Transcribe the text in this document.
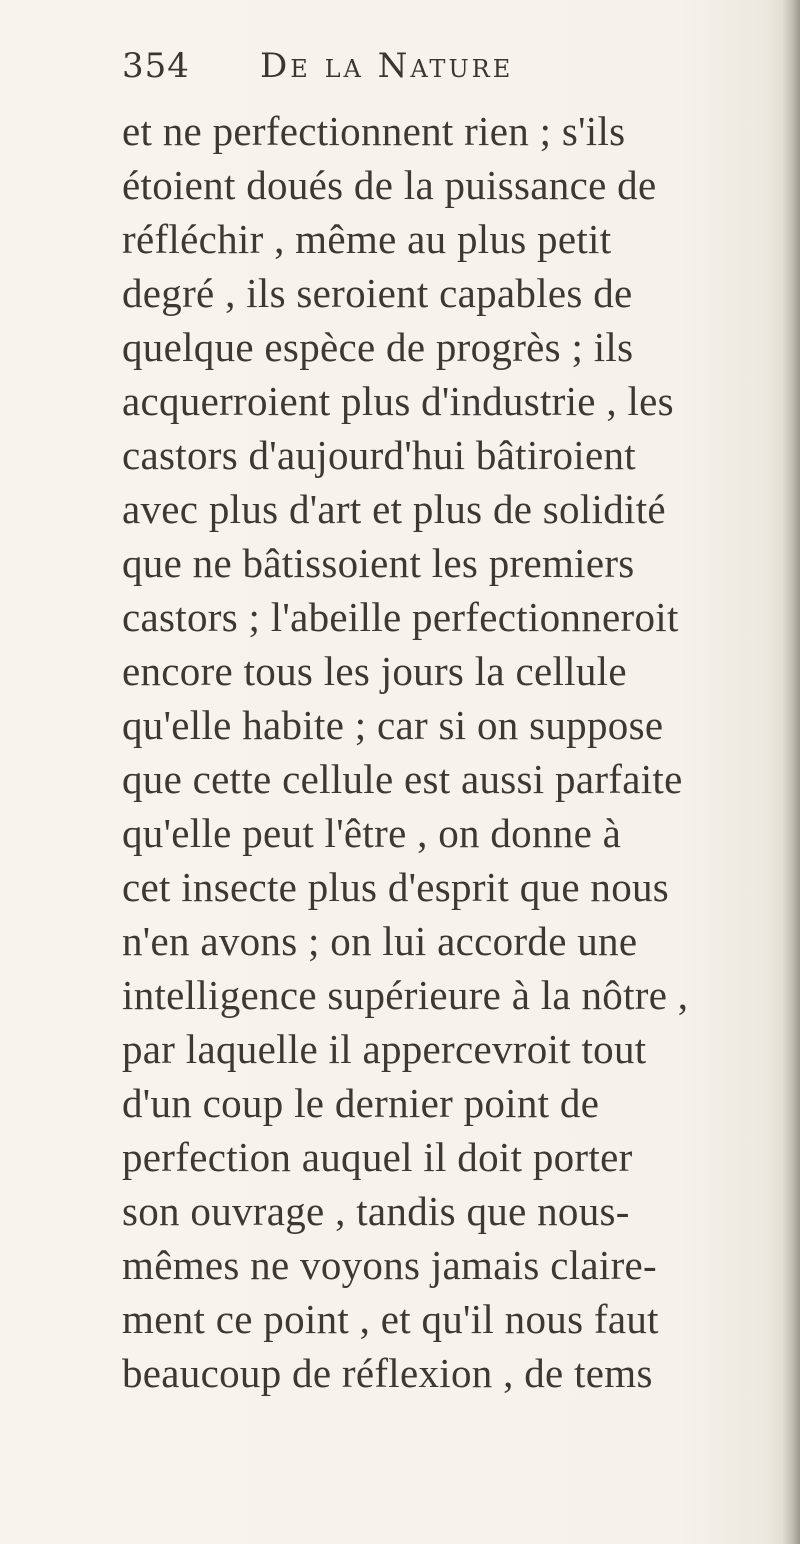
354 De la Nature
et ne perfectionnent rien ; s'ils
étoient doués de la puissance de
réfléchir , même au plus petit
degré , ils seroient capables de
quelque espèce de progrès ; ils
acquerroient plus d'industrie , les
castors d'aujourd'hui bâtiroient
avec plus d'art et plus de solidité
que ne bâtissoient les premiers
castors ; l'abeille perfectionneroit
encore tous les jours la cellule
qu'elle habite ; car si on suppose
que cette cellule est aussi parfaite
qu'elle peut l'être , on donne à
cet insecte plus d'esprit que nous
n'en avons ; on lui accorde une
intelligence supérieure à la nôtre ,
par laquelle il appercevroit tout
d'un coup le dernier point de
perfection auquel il doit porter
son ouvrage , tandis que nous-
mêmes ne voyons jamais claire-
ment ce point , et qu'il nous faut
beaucoup de réflexion , de tems
